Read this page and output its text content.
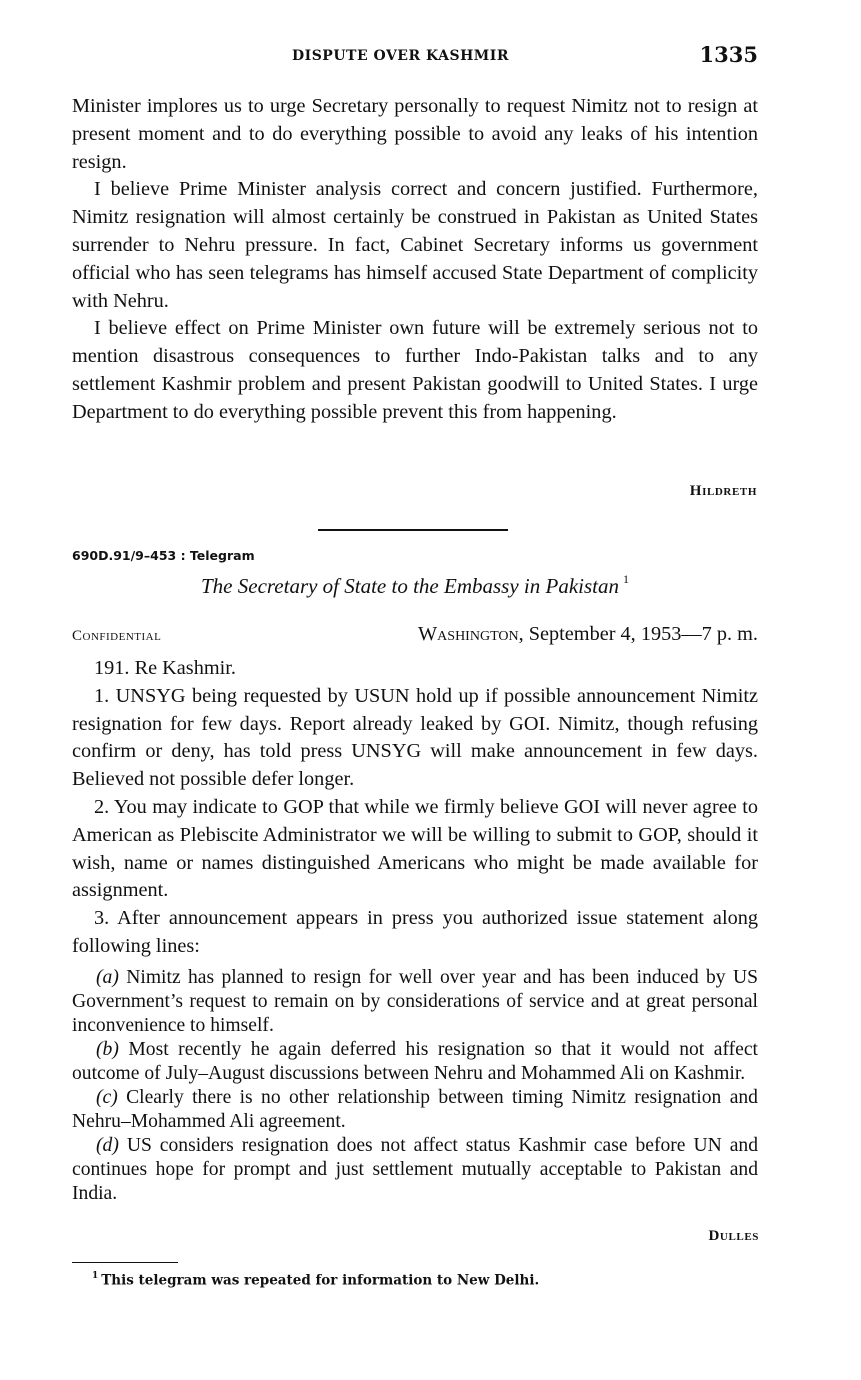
DISPUTE OVER KASHMIR	1335

Minister implores us to urge Secretary personally to request Nimitz not to resign at present moment and to do everything possible to avoid any leaks of his intention resign.

I believe Prime Minister analysis correct and concern justified. Furthermore, Nimitz resignation will almost certainly be construed in Pakistan as United States surrender to Nehru pressure. In fact, Cabinet Secretary informs us government official who has seen telegrams has himself accused State Department of complicity with Nehru.

I believe effect on Prime Minister own future will be extremely serious not to mention disastrous consequences to further Indo-Pakistan talks and to any settlement Kashmir problem and present Pakistan goodwill to United States. I urge Department to do everything possible prevent this from happening.

Hildreth
690D.91/9–453 : Telegram
The Secretary of State to the Embassy in Pakistan $^1$
Confidential	Washington, September 4, 1953—7 p. m.

191. Re Kashmir.

1. UNSYG being requested by USUN hold up if possible announcement Nimitz resignation for few days. Report already leaked by GOI. Nimitz, though refusing confirm or deny, has told press UNSYG will make announcement in few days. Believed not possible defer longer.

2. You may indicate to GOP that while we firmly believe GOI will never agree to American as Plebiscite Administrator we will be willing to submit to GOP, should it wish, name or names distinguished Americans who might be made available for assignment.

3. After announcement appears in press you authorized issue statement along following lines:

(a) Nimitz has planned to resign for well over year and has been induced by US Government’s request to remain on by considerations of service and at great personal inconvenience to himself.

(b) Most recently he again deferred his resignation so that it would not affect outcome of July–August discussions between Nehru and Mohammed Ali on Kashmir.

(c) Clearly there is no other relationship between timing Nimitz resignation and Nehru–Mohammed Ali agreement.

(d) US considers resignation does not affect status Kashmir case before UN and continues hope for prompt and just settlement mutually acceptable to Pakistan and India.

Dulles
$^1$ This telegram was repeated for information to New Delhi.
